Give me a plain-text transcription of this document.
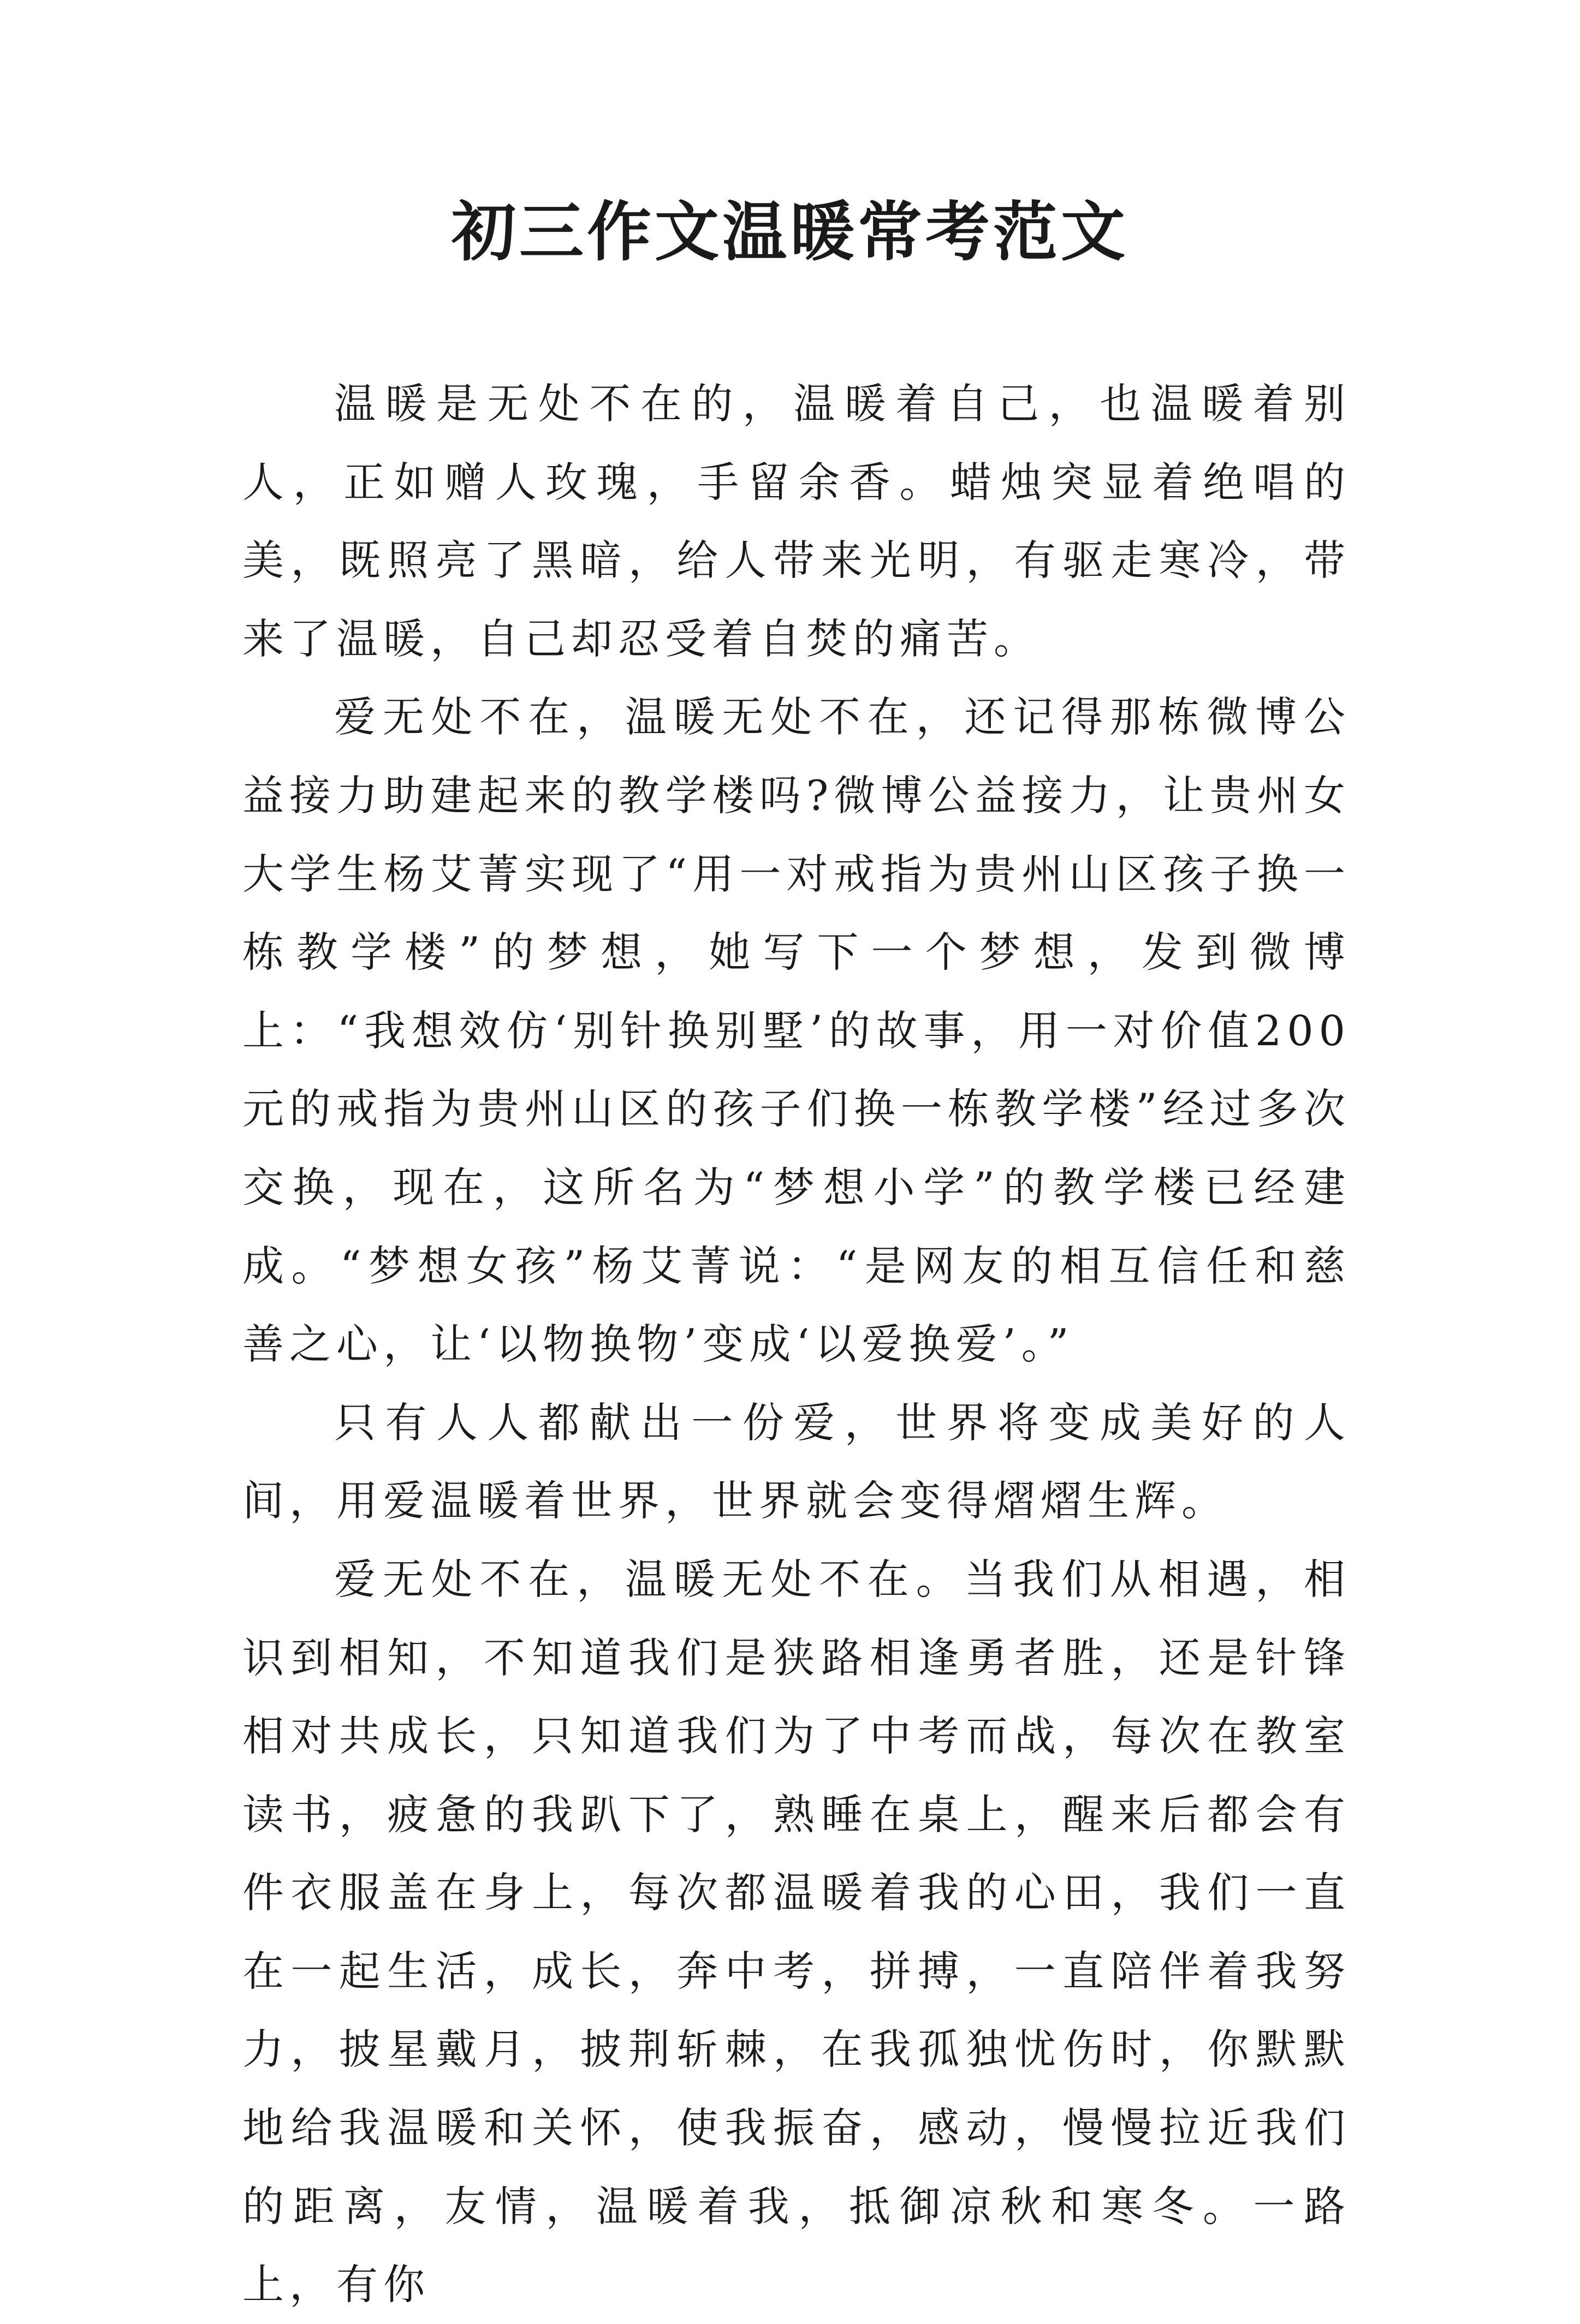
初三作文温暖常考范文

温暖是无处不在的，温暖着自己，也温暖着别人，正如赠人玫瑰，手留余香。蜡烛突显着绝唱的美，既照亮了黑暗，给人带来光明，有驱走寒冷，带来了温暖，自己却忍受着自焚的痛苦。

爱无处不在，温暖无处不在，还记得那栋微博公益接力助建起来的教学楼吗?微博公益接力，让贵州女大学生杨艾菁实现了“用一对戒指为贵州山区孩子换一栋教学楼”的梦想，她写下一个梦想，发到微博上：“我想效仿‘别针换别墅’的故事，用一对价值200元的戒指为贵州山区的孩子们换一栋教学楼”经过多次交换，现在，这所名为“梦想小学”的教学楼已经建成。“梦想女孩”杨艾菁说：“是网友的相互信任和慈善之心，让‘以物换物’变成‘以爱换爱’。”

只有人人都献出一份爱，世界将变成美好的人间，用爱温暖着世界，世界就会变得熠熠生辉。

爱无处不在，温暖无处不在。当我们从相遇，相识到相知，不知道我们是狭路相逢勇者胜，还是针锋相对共成长，只知道我们为了中考而战，每次在教室读书，疲惫的我趴下了，熟睡在桌上，醒来后都会有件衣服盖在身上，每次都温暖着我的心田，我们一直在一起生活，成长，奔中考，拼搏，一直陪伴着我努力，披星戴月，披荆斩棘，在我孤独忧伤时，你默默地给我温暖和关怀，使我振奋，感动，慢慢拉近我们的距离，友情，温暖着我，抵御凉秋和寒冬。一路上，有你
